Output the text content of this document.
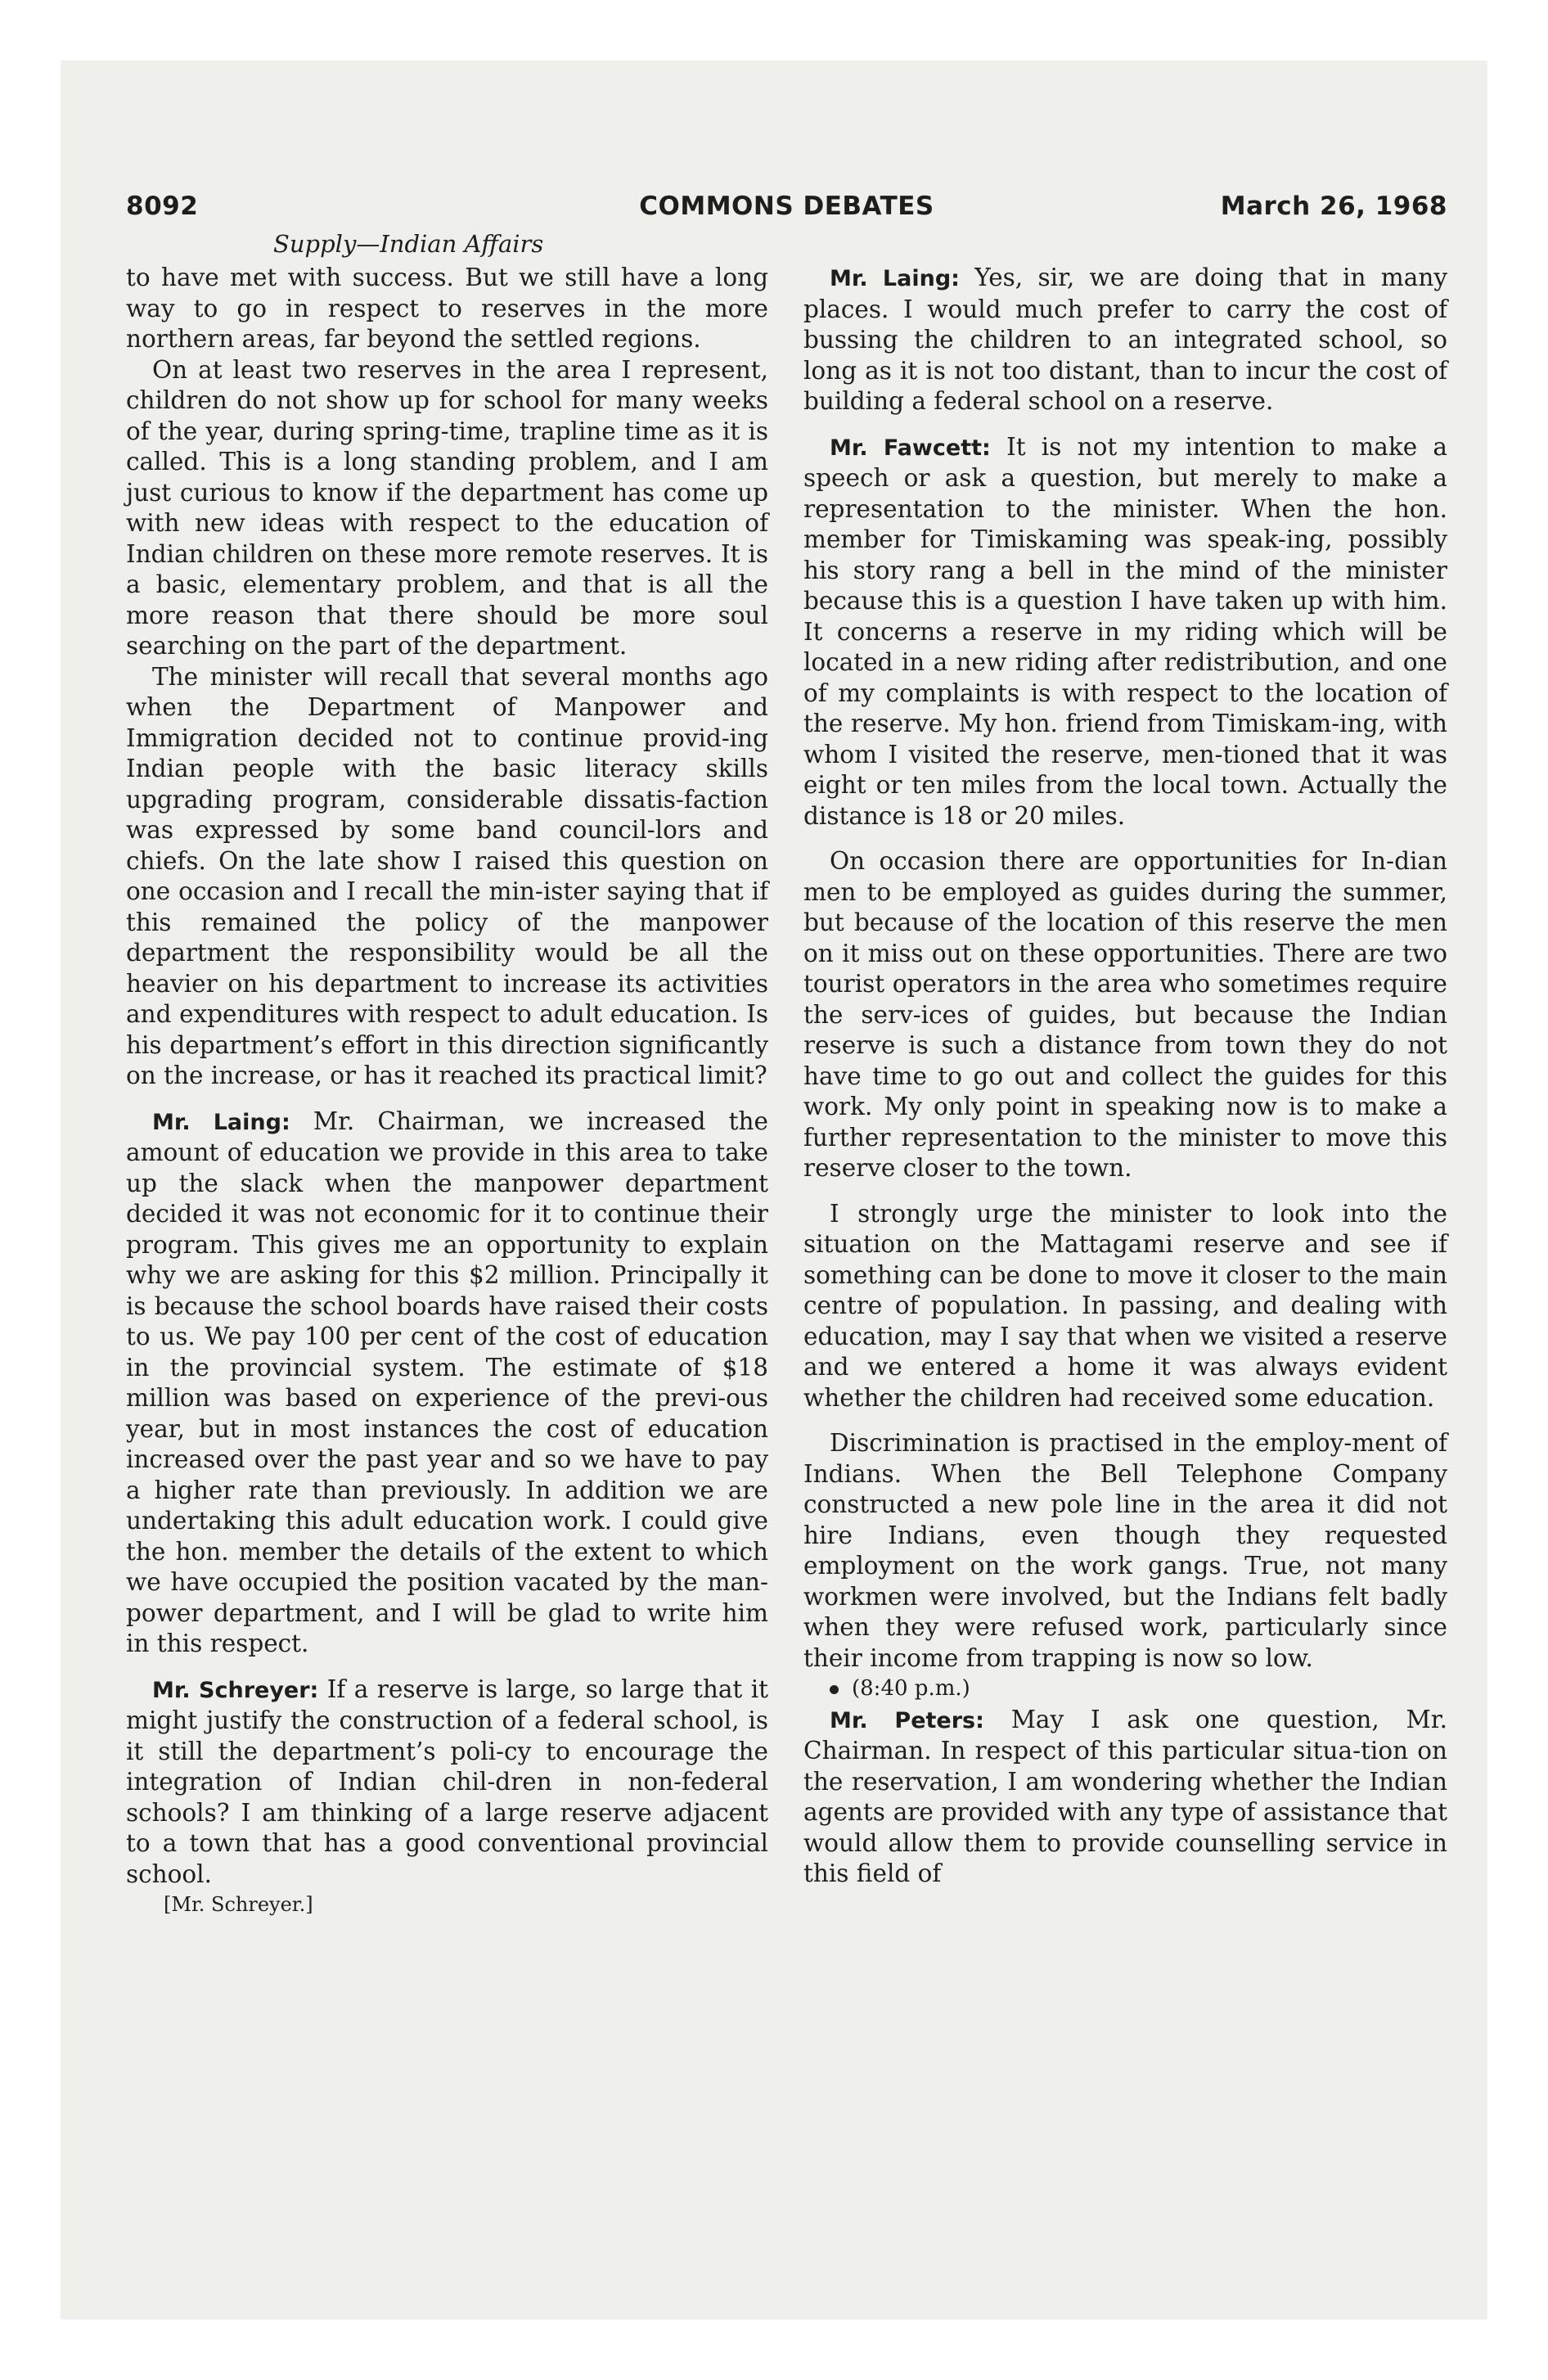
8092	COMMONS DEBATES	March 26, 1968
Supply—Indian Affairs

to have met with success. But we still have a long way to go in respect to reserves in the more northern areas, far beyond the settled regions.

On at least two reserves in the area I represent, children do not show up for school for many weeks of the year, during spring-time, trapline time as it is called. This is a long standing problem, and I am just curious to know if the department has come up with new ideas with respect to the education of Indian children on these more remote reserves. It is a basic, elementary problem, and that is all the more reason that there should be more soul searching on the part of the department.

The minister will recall that several months ago when the Department of Manpower and Immigration decided not to continue provid-ing Indian people with the basic literacy skills upgrading program, considerable dissatis-faction was expressed by some band council-lors and chiefs. On the late show I raised this question on one occasion and I recall the min-ister saying that if this remained the policy of the manpower department the responsibility would be all the heavier on his department to increase its activities and expenditures with respect to adult education. Is his department’s effort in this direction significantly on the increase, or has it reached its practical limit?

Mr. Laing: Mr. Chairman, we increased the amount of education we provide in this area to take up the slack when the manpower department decided it was not economic for it to continue their program. This gives me an opportunity to explain why we are asking for this $2 million. Principally it is because the school boards have raised their costs to us. We pay 100 per cent of the cost of education in the provincial system. The estimate of $18 million was based on experience of the previ-ous year, but in most instances the cost of education increased over the past year and so we have to pay a higher rate than previously. In addition we are undertaking this adult education work. I could give the hon. member the details of the extent to which we have occupied the position vacated by the man-power department, and I will be glad to write him in this respect.

Mr. Schreyer: If a reserve is large, so large that it might justify the construction of a federal school, is it still the department’s poli-cy to encourage the integration of Indian chil-dren in non-federal schools? I am thinking of a large reserve adjacent to a town that has a good conventional provincial school.

[Mr. Schreyer.]

Mr. Laing: Yes, sir, we are doing that in many places. I would much prefer to carry the cost of bussing the children to an integrated school, so long as it is not too distant, than to incur the cost of building a federal school on a reserve.

Mr. Fawcett: It is not my intention to make a speech or ask a question, but merely to make a representation to the minister. When the hon. member for Timiskaming was speak-ing, possibly his story rang a bell in the mind of the minister because this is a question I have taken up with him. It concerns a reserve in my riding which will be located in a new riding after redistribution, and one of my complaints is with respect to the location of the reserve. My hon. friend from Timiskam-ing, with whom I visited the reserve, men-tioned that it was eight or ten miles from the local town. Actually the distance is 18 or 20 miles.

On occasion there are opportunities for In-dian men to be employed as guides during the summer, but because of the location of this reserve the men on it miss out on these opportunities. There are two tourist operators in the area who sometimes require the serv-ices of guides, but because the Indian reserve is such a distance from town they do not have time to go out and collect the guides for this work. My only point in speaking now is to make a further representation to the minister to move this reserve closer to the town.

I strongly urge the minister to look into the situation on the Mattagami reserve and see if something can be done to move it closer to the main centre of population. In passing, and dealing with education, may I say that when we visited a reserve and we entered a home it was always evident whether the children had received some education.

Discrimination is practised in the employ-ment of Indians. When the Bell Telephone Company constructed a new pole line in the area it did not hire Indians, even though they requested employment on the work gangs. True, not many workmen were involved, but the Indians felt badly when they were refused work, particularly since their income from trapping is now so low.

(8:40 p.m.)

Mr. Peters: May I ask one question, Mr. Chairman. In respect of this particular situa-tion on the reservation, I am wondering whether the Indian agents are provided with any type of assistance that would allow them to provide counselling service in this field of
